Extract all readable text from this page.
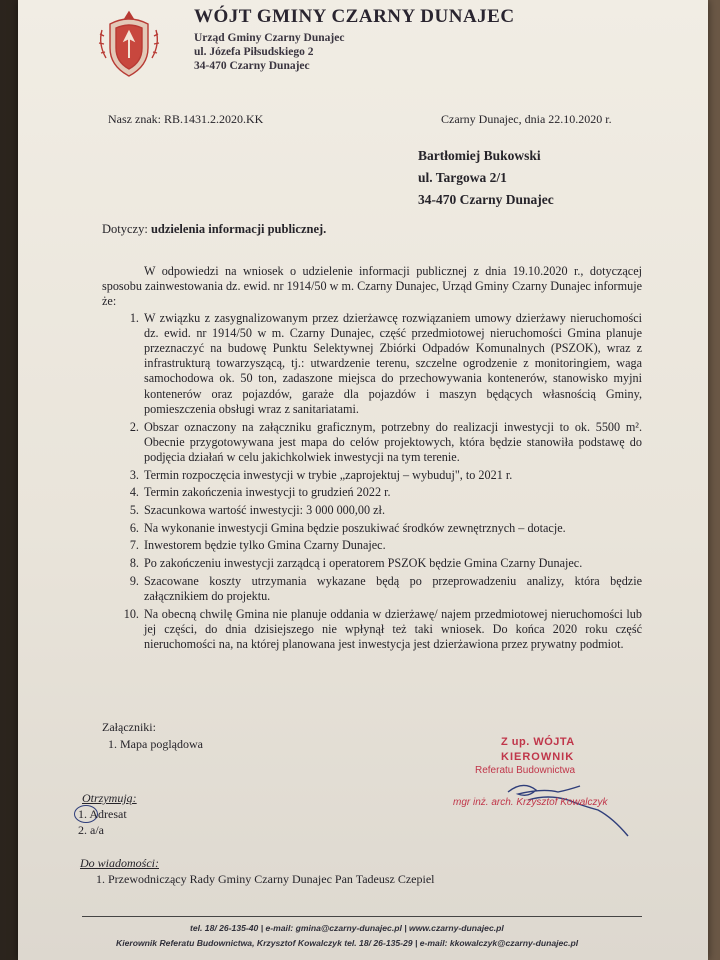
WÓJT GMINY CZARNY DUNAJEC
Urząd Gminy Czarny Dunajec
ul. Józefa Piłsudskiego 2
34-470 Czarny Dunajec
Nasz znak: RB.1431.2.2020.KK	Czarny Dunajec, dnia 22.10.2020 r.
Bartłomiej Bukowski
ul. Targowa 2/1
34-470 Czarny Dunajec
Dotyczy: udzielenia informacji publicznej.

W odpowiedzi na wniosek o udzielenie informacji publicznej z dnia 19.10.2020 r., dotyczącej sposobu zainwestowania dz. ewid. nr 1914/50 w m. Czarny Dunajec, Urząd Gminy Czarny Dunajec informuje że:

1. W związku z zasygnalizowanym przez dzierżawcę rozwiązaniem umowy dzierżawy nieruchomości dz. ewid. nr 1914/50 w m. Czarny Dunajec, część przedmiotowej nieruchomości Gmina planuje przeznaczyć na budowę Punktu Selektywnej Zbiórki Odpadów Komunalnych (PSZOK), wraz z infrastrukturą towarzyszącą, tj.: utwardzenie terenu, szczelne ogrodzenie z monitoringiem, waga samochodowa ok. 50 ton, zadaszone miejsca do przechowywania kontenerów, stanowisko myjni kontenerów oraz pojazdów, garaże dla pojazdów i maszyn będących własnością Gminy, pomieszczenia obsługi wraz z sanitariatami.
2. Obszar oznaczony na załączniku graficznym, potrzebny do realizacji inwestycji to ok. 5500 m². Obecnie przygotowywana jest mapa do celów projektowych, która będzie stanowiła podstawę do podjęcia działań w celu jakichkolwiek inwestycji na tym terenie.
3. Termin rozpoczęcia inwestycji w trybie „zaprojektuj – wybuduj", to 2021 r.
4. Termin zakończenia inwestycji to grudzień 2022 r.
5. Szacunkowa wartość inwestycji: 3 000 000,00 zł.
6. Na wykonanie inwestycji Gmina będzie poszukiwać środków zewnętrznych – dotacje.
7. Inwestorem będzie tylko Gmina Czarny Dunajec.
8. Po zakończeniu inwestycji zarządcą i operatorem PSZOK będzie Gmina Czarny Dunajec.
9. Szacowane koszty utrzymania wykazane będą po przeprowadzeniu analizy, która będzie załącznikiem do projektu.
10. Na obecną chwilę Gmina nie planuje oddania w dzierżawę/ najem przedmiotowej nieruchomości lub jej części, do dnia dzisiejszego nie wpłynął też taki wniosek. Do końca 2020 roku część nieruchomości na, na której planowana jest inwestycja jest dzierżawiona przez prywatny podmiot.
Załączniki:
1. Mapa poglądowa
Otrzymują:
1. Adresat
2. a/a
Do wiadomości:
1. Przewodniczący Rady Gminy Czarny Dunajec Pan Tadeusz Czepiel
Z up. WÓJTA
KIEROWNIK
Referatu Budownictwa
mgr inż. arch. Krzysztof Kowalczyk
tel. 18/ 26-135-40 | e-mail: gmina@czarny-dunajec.pl | www.czarny-dunajec.pl
Kierownik Referatu Budownictwa, Krzysztof Kowalczyk tel. 18/ 26-135-29 | e-mail: kkowalczyk@czarny-dunajec.pl
